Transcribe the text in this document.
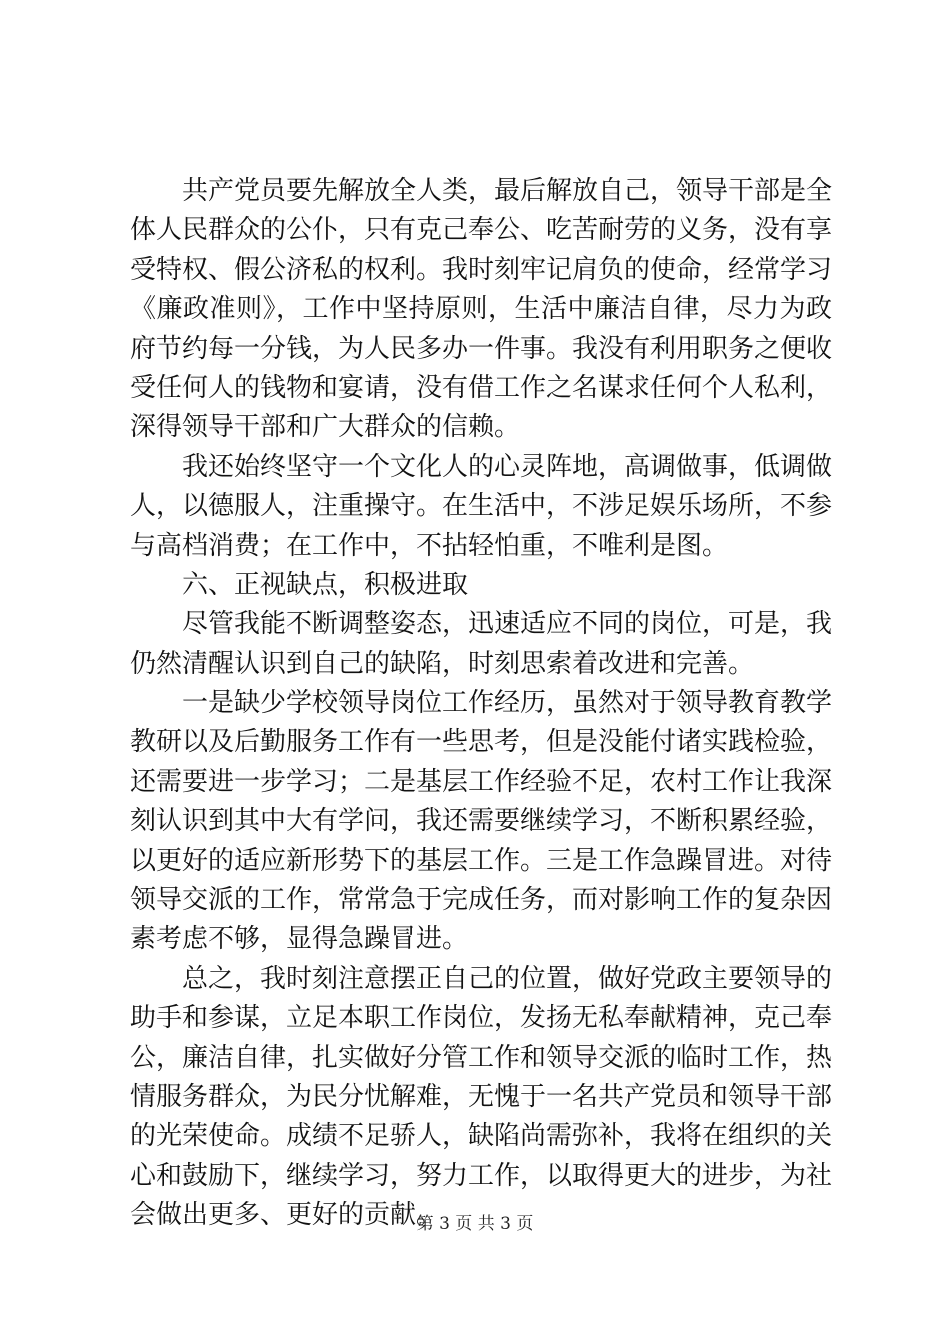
共产党员要先解放全人类，最后解放自己，领导干部是全
体人民群众的公仆，只有克己奉公、吃苦耐劳的义务，没有享
受特权、假公济私的权利。我时刻牢记肩负的使命，经常学习
《廉政准则》，工作中坚持原则，生活中廉洁自律，尽力为政
府节约每一分钱，为人民多办一件事。我没有利用职务之便收
受任何人的钱物和宴请，没有借工作之名谋求任何个人私利，
深得领导干部和广大群众的信赖。
我还始终坚守一个文化人的心灵阵地，高调做事，低调做
人，以德服人，注重操守。在生活中，不涉足娱乐场所，不参
与高档消费；在工作中，不拈轻怕重，不唯利是图。
六、正视缺点，积极进取
尽管我能不断调整姿态，迅速适应不同的岗位，可是，我
仍然清醒认识到自己的缺陷，时刻思索着改进和完善。
一是缺少学校领导岗位工作经历，虽然对于领导教育教学
教研以及后勤服务工作有一些思考，但是没能付诸实践检验，
还需要进一步学习；二是基层工作经验不足，农村工作让我深
刻认识到其中大有学问，我还需要继续学习，不断积累经验，
以更好的适应新形势下的基层工作。三是工作急躁冒进。对待
领导交派的工作，常常急于完成任务，而对影响工作的复杂因
素考虑不够，显得急躁冒进。
总之，我时刻注意摆正自己的位置，做好党政主要领导的
助手和参谋，立足本职工作岗位，发扬无私奉献精神，克己奉
公，廉洁自律，扎实做好分管工作和领导交派的临时工作，热
情服务群众，为民分忧解难，无愧于一名共产党员和领导干部
的光荣使命。成绩不足骄人，缺陷尚需弥补，我将在组织的关
心和鼓励下，继续学习，努力工作，以取得更大的进步，为社
会做出更多、更好的贡献。
第 3 页 共 3 页
